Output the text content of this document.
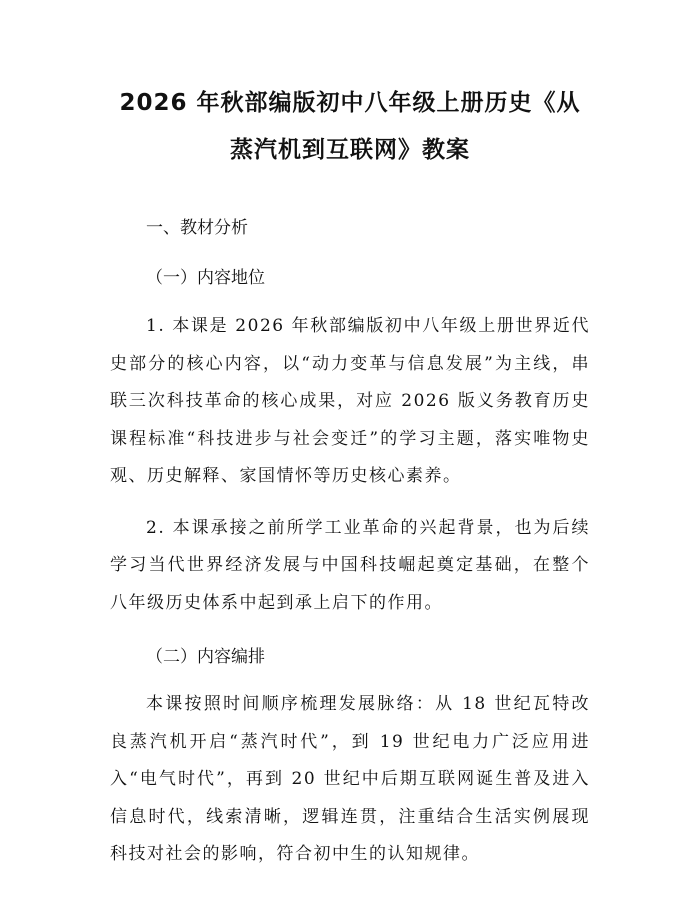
2026 年秋部编版初中八年级上册历史《从蒸汽机到互联网》教案
一、教材分析
（一）内容地位

1. 本课是 2026 年秋部编版初中八年级上册世界近代史部分的核心内容，以“动力变革与信息发展”为主线，串联三次科技革命的核心成果，对应 2026 版义务教育历史课程标准“科技进步与社会变迁”的学习主题，落实唯物史观、历史解释、家国情怀等历史核心素养。

2. 本课承接之前所学工业革命的兴起背景，也为后续学习当代世界经济发展与中国科技崛起奠定基础，在整个八年级历史体系中起到承上启下的作用。

（二）内容编排

本课按照时间顺序梳理发展脉络：从 18 世纪瓦特改良蒸汽机开启“蒸汽时代”，到 19 世纪电力广泛应用进入“电气时代”，再到 20 世纪中后期互联网诞生普及进入信息时代，线索清晰，逻辑连贯，注重结合生活实例展现科技对社会的影响，符合初中生的认知规律。
